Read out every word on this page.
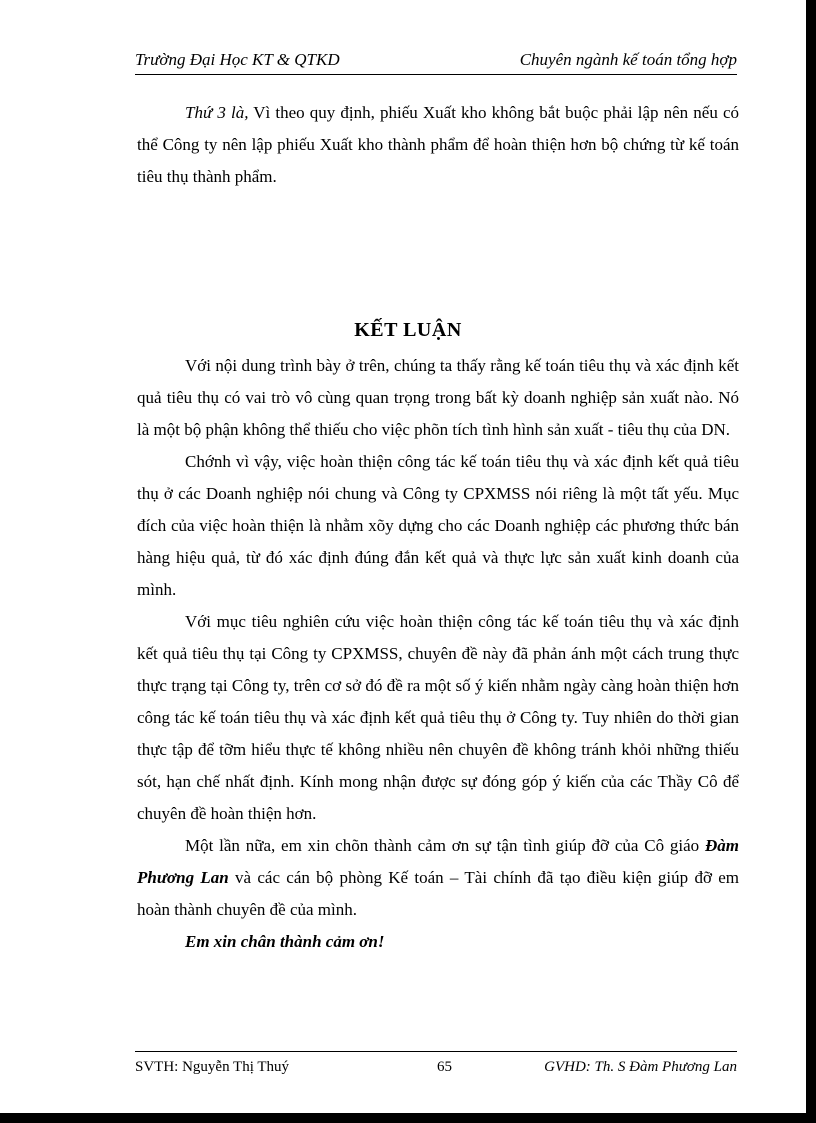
Trường Đại Học KT & QTKD	Chuyên ngành kế toán tổng hợp

Thứ 3 là, Vì theo quy định, phiếu Xuất kho không bắt buộc phải lập nên nếu có thể Công ty nên lập phiếu Xuất kho thành phẩm để hoàn thiện hơn bộ chứng từ kế toán tiêu thụ thành phẩm.

KẾT LUẬN

Với nội dung trình bày ở trên, chúng ta thấy rằng kế toán tiêu thụ và xác định kết quả tiêu thụ có vai trò vô cùng quan trọng trong bất kỳ doanh nghiệp sản xuất nào. Nó là một bộ phận không thể thiếu cho việc phõn tích tình hình sản xuất - tiêu thụ của DN.

Chớnh vì vậy, việc hoàn thiện công tác kế toán tiêu thụ và xác định kết quả tiêu thụ ở các Doanh nghiệp nói chung và Công ty CPXMSS nói riêng là một tất yếu. Mục đích của việc hoàn thiện là nhằm xõy dựng cho các Doanh nghiệp các phương thức bán hàng hiệu quả, từ đó xác định đúng đắn kết quả và thực lực sản xuất kinh doanh của mình.

Với mục tiêu nghiên cứu việc hoàn thiện công tác kế toán tiêu thụ và xác định kết quả tiêu thụ tại Công ty CPXMSS, chuyên đề này đã phản ánh một cách trung thực thực trạng tại Công ty, trên cơ sở đó đề ra một số ý kiến nhằm ngày càng hoàn thiện hơn công tác kế toán tiêu thụ và xác định kết quả tiêu thụ ở Công ty. Tuy nhiên do thời gian thực tập để tỡm hiểu thực tế không nhiều nên chuyên đề không tránh khỏi những thiếu sót, hạn chế nhất định. Kính mong nhận được sự đóng góp ý kiến của các Thầy Cô để chuyên đề hoàn thiện hơn.

Một lần nữa, em xin chõn thành cảm ơn sự tận tình giúp đỡ của Cô giáo Đàm Phương Lan và các cán bộ phòng Kế toán – Tài chính đã tạo điều kiện giúp đỡ em hoàn thành chuyên đề của mình.

Em xin chân thành cảm ơn!

SVTH: Nguyễn Thị Thuý	65	GVHD: Th. S Đàm Phương Lan
